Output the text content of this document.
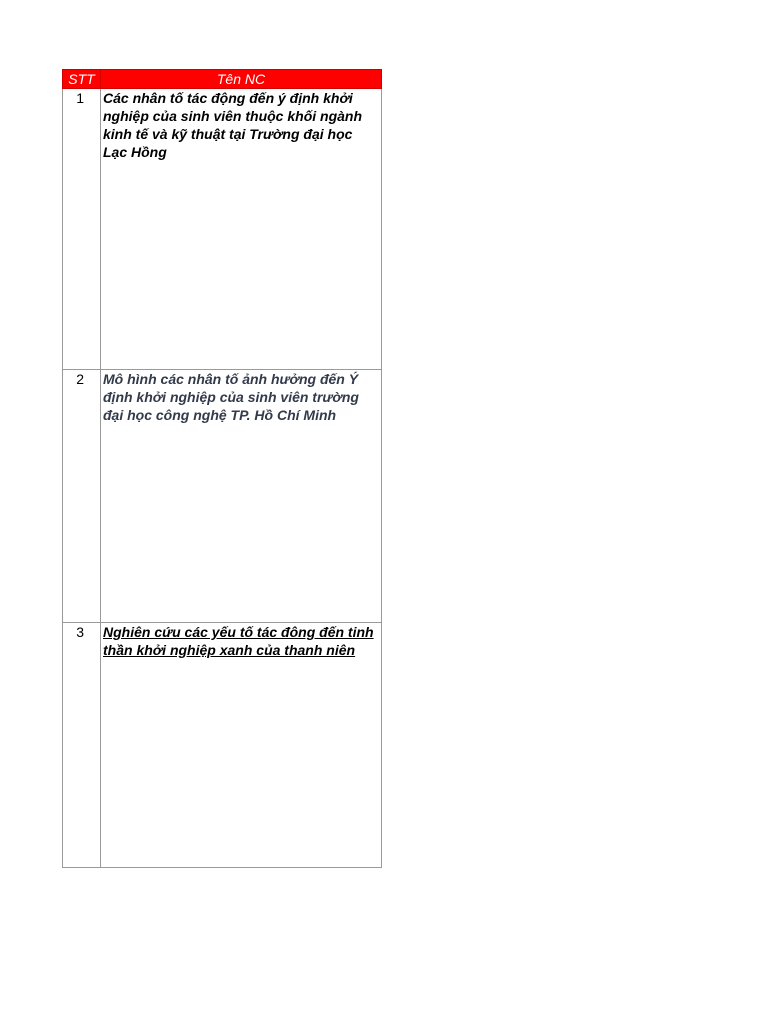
STT	Tên NC
1	Các nhân tố tác động đến ý định khởi nghiệp của sinh viên thuộc khối ngành kinh tế và kỹ thuật tại Trường đại học Lạc Hồng
2	Mô hình các nhân tố ảnh hưởng đến Ý định khởi nghiệp của sinh viên trường đại học công nghệ TP. Hồ Chí Minh
3	Nghiên cứu các yếu tố tác đông đến tinh thần khởi nghiệp xanh của thanh niên
